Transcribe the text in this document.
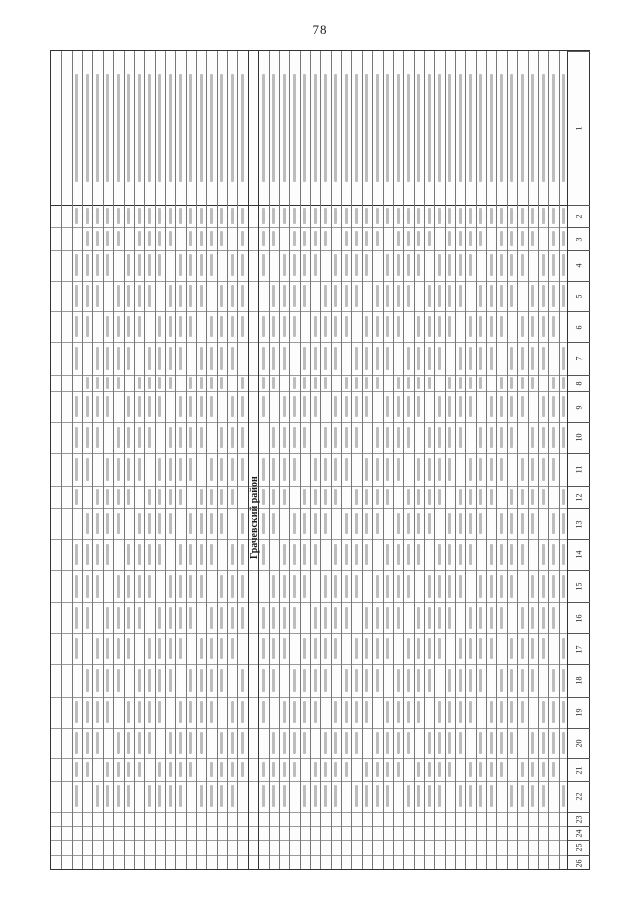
78
1
2
3
4
5
6
7
8
9
10
11
12
13
14
15
16
17
18
19
20
21
22
23
24
25
26
Грачевский район
